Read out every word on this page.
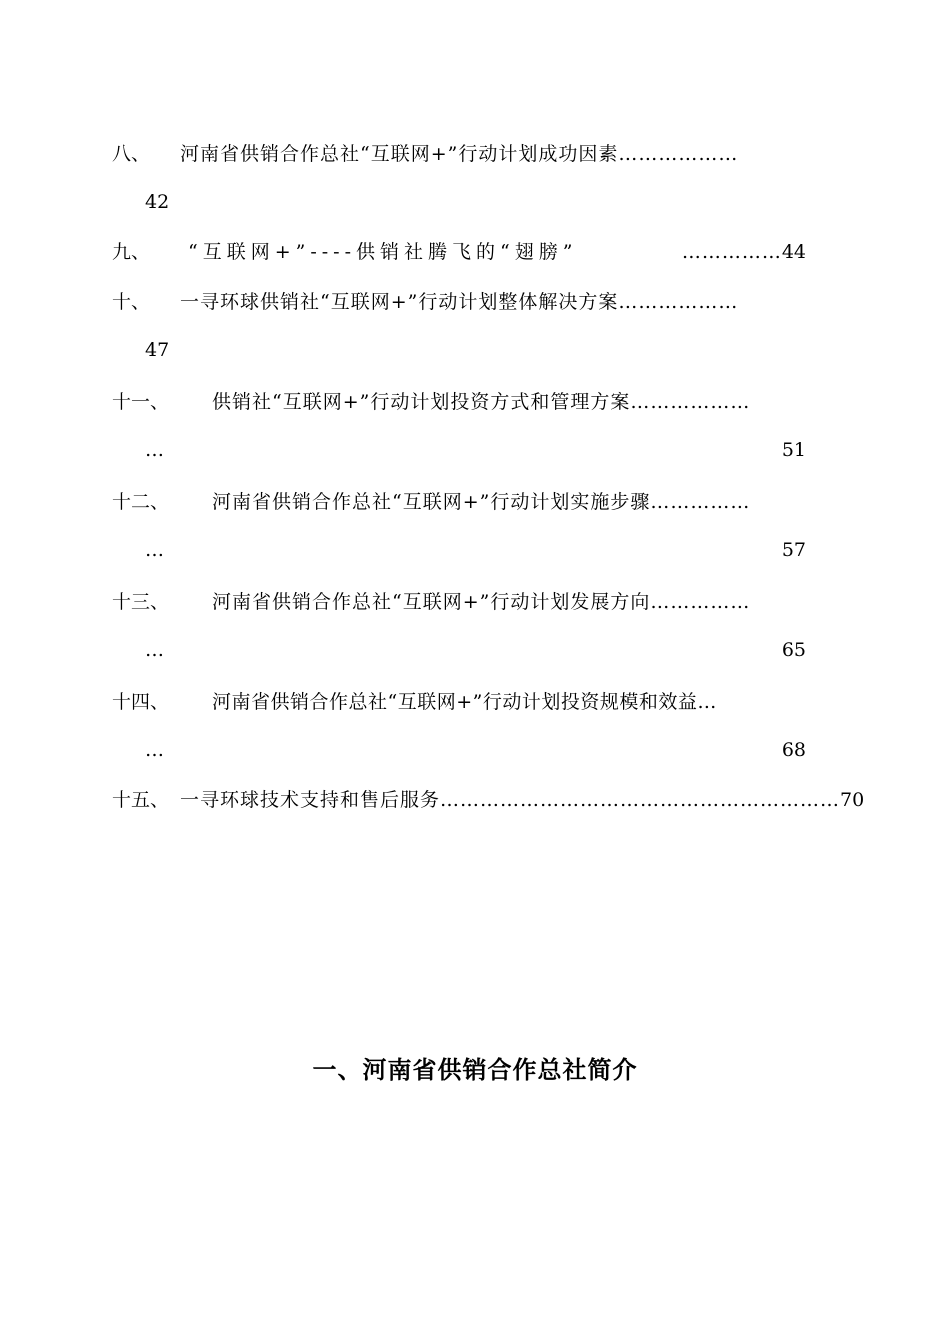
八、	河南省供销合作总社“互联网+”行动计划成功因素 ………………
42
九、	“互联网+”----供销社腾飞的“翅膀”	…………… 44
十、	一寻环球供销社“互联网+”行动计划整体解决方案 ………………
47
十一、	供销社“互联网+”行动计划投资方式和管理方案 ………………
…	51
十二、	河南省供销合作总社“互联网+”行动计划实施步骤 ……………
…	57
十三、	河南省供销合作总社“互联网+”行动计划发展方向 ……………
…	65
十四、	河南省供销合作总社“互联网+”行动计划投资规模和效益 …
…	68
十五、 一寻环球技术支持和售后服务 …………………………………………………… 70
一、河南省供销合作总社简介
